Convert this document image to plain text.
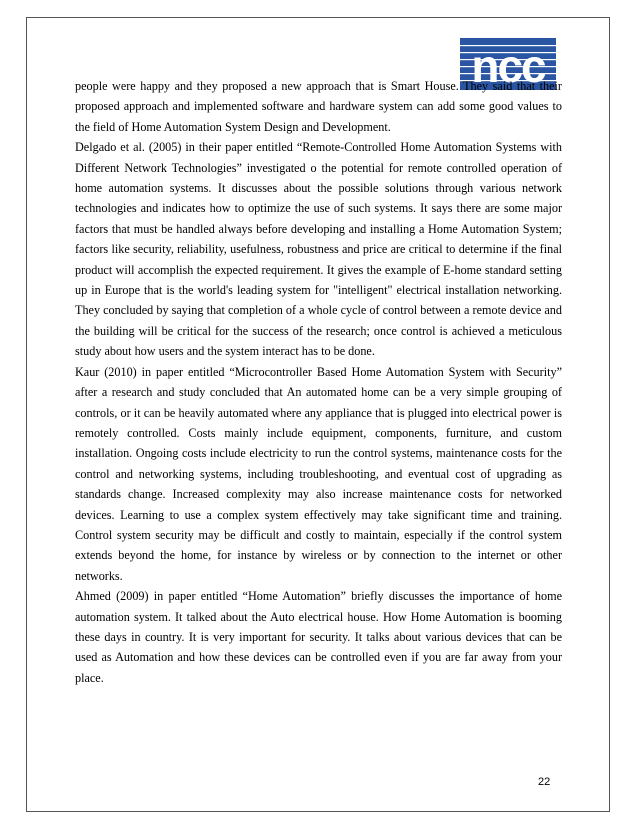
ncc

people were happy and they proposed a new approach that is Smart House. They said that their proposed approach and implemented software and hardware system can add some good values to the field of Home Automation System Design and Development.

Delgado et al. (2005) in their paper entitled “Remote-Controlled Home Automation Systems with Different Network Technologies” investigated o the potential for remote controlled operation of home automation systems. It discusses about the possible solutions through various network technologies and indicates how to optimize the use of such systems. It says there are some major factors that must be handled always before developing and installing a Home Automation System; factors like security, reliability, usefulness, robustness and price are critical to determine if the final product will accomplish the expected requirement. It gives the example of E-home standard setting up in Europe that is the world's leading system for "intelligent" electrical installation networking. They concluded by saying that completion of a whole cycle of control between a remote device and the building will be critical for the success of the research; once control is achieved a meticulous study about how users and the system interact has to be done.

Kaur (2010) in paper entitled “Microcontroller Based Home Automation System with Security” after a research and study concluded that An automated home can be a very simple grouping of controls, or it can be heavily automated where any appliance that is plugged into electrical power is remotely controlled. Costs mainly include equipment, components, furniture, and custom installation. Ongoing costs include electricity to run the control systems, maintenance costs for the control and networking systems, including troubleshooting, and eventual cost of upgrading as standards change. Increased complexity may also increase maintenance costs for networked devices. Learning to use a complex system effectively may take significant time and training. Control system security may be difficult and costly to maintain, especially if the control system extends beyond the home, for instance by wireless or by connection to the internet or other networks.

Ahmed (2009) in paper entitled “Home Automation” briefly discusses the importance of home automation system. It talked about the Auto electrical house. How Home Automation is booming these days in country. It is very important for security. It talks about various devices that can be used as Automation and how these devices can be controlled even if you are far away from your place.

22
